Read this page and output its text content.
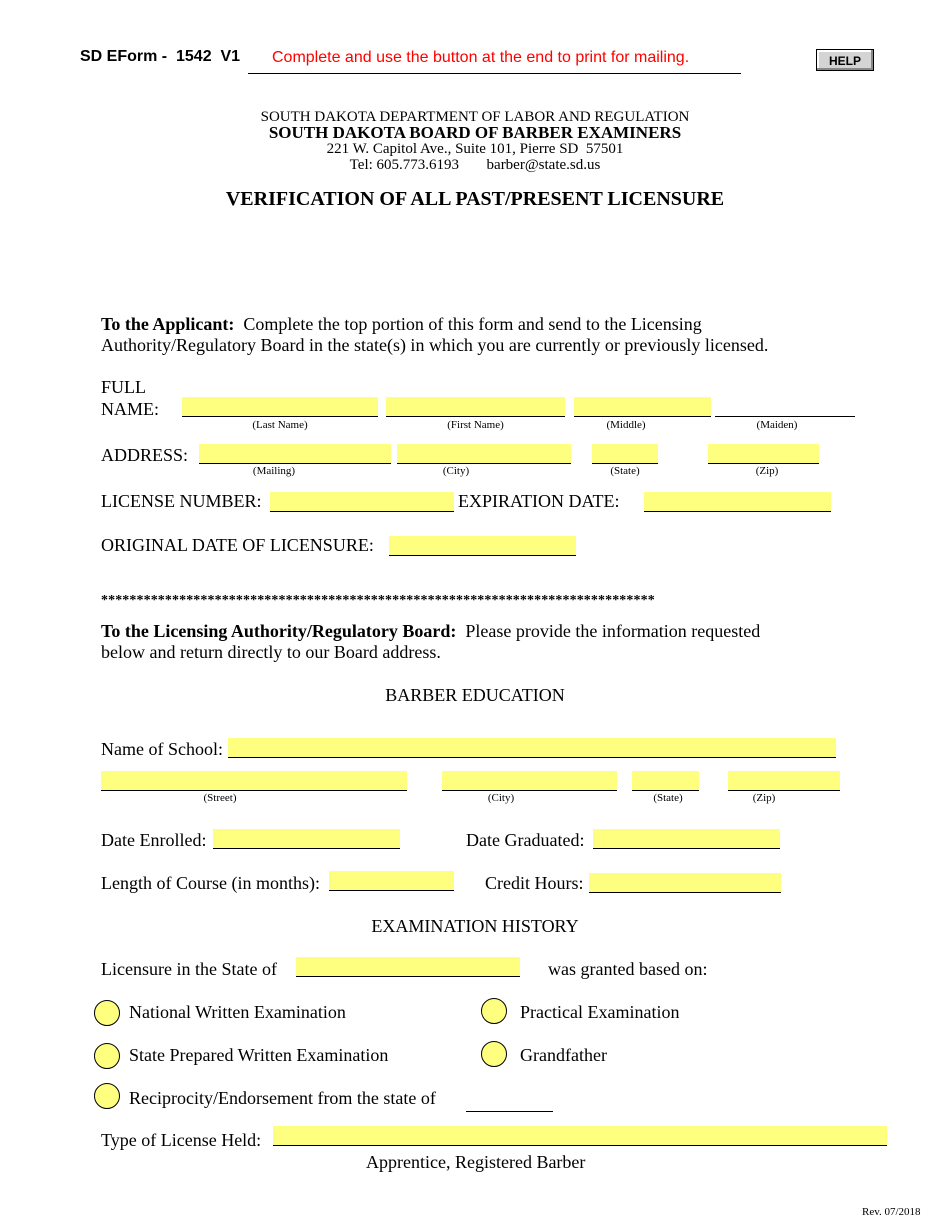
SD EForm -  1542  V1 Complete and use the button at the end to print for mailing.	HELP
SOUTH DAKOTA DEPARTMENT OF LABOR AND REGULATION
SOUTH DAKOTA BOARD OF BARBER EXAMINERS
221 W. Capitol Ave., Suite 101, Pierre SD  57501
Tel: 605.773.6193 barber@state.sd.us
VERIFICATION OF ALL PAST/PRESENT LICENSURE
To the Applicant:  Complete the top portion of this form and send to the Licensing
Authority/Regulatory Board in the state(s) in which you are currently or previously licensed.
FULL
NAME:
(Last Name)	(First Name)	(Middle)	(Maiden)
ADDRESS:
(Mailing)	(City)	(State)	(Zip)
LICENSE NUMBER:	EXPIRATION DATE:
ORIGINAL DATE OF LICENSURE:
******************************************************************************
To the Licensing Authority/Regulatory Board:  Please provide the information requested
below and return directly to our Board address.
BARBER EDUCATION
Name of School:
(Street)	(City)	(State)	(Zip)
Date Enrolled:	Date Graduated:
Length of Course (in months):	Credit Hours:
EXAMINATION HISTORY
Licensure in the State of	was granted based on:
National Written Examination	Practical Examination
State Prepared Written Examination	Grandfather
Reciprocity/Endorsement from the state of
Type of License Held:
Apprentice, Registered Barber
Rev. 07/2018
